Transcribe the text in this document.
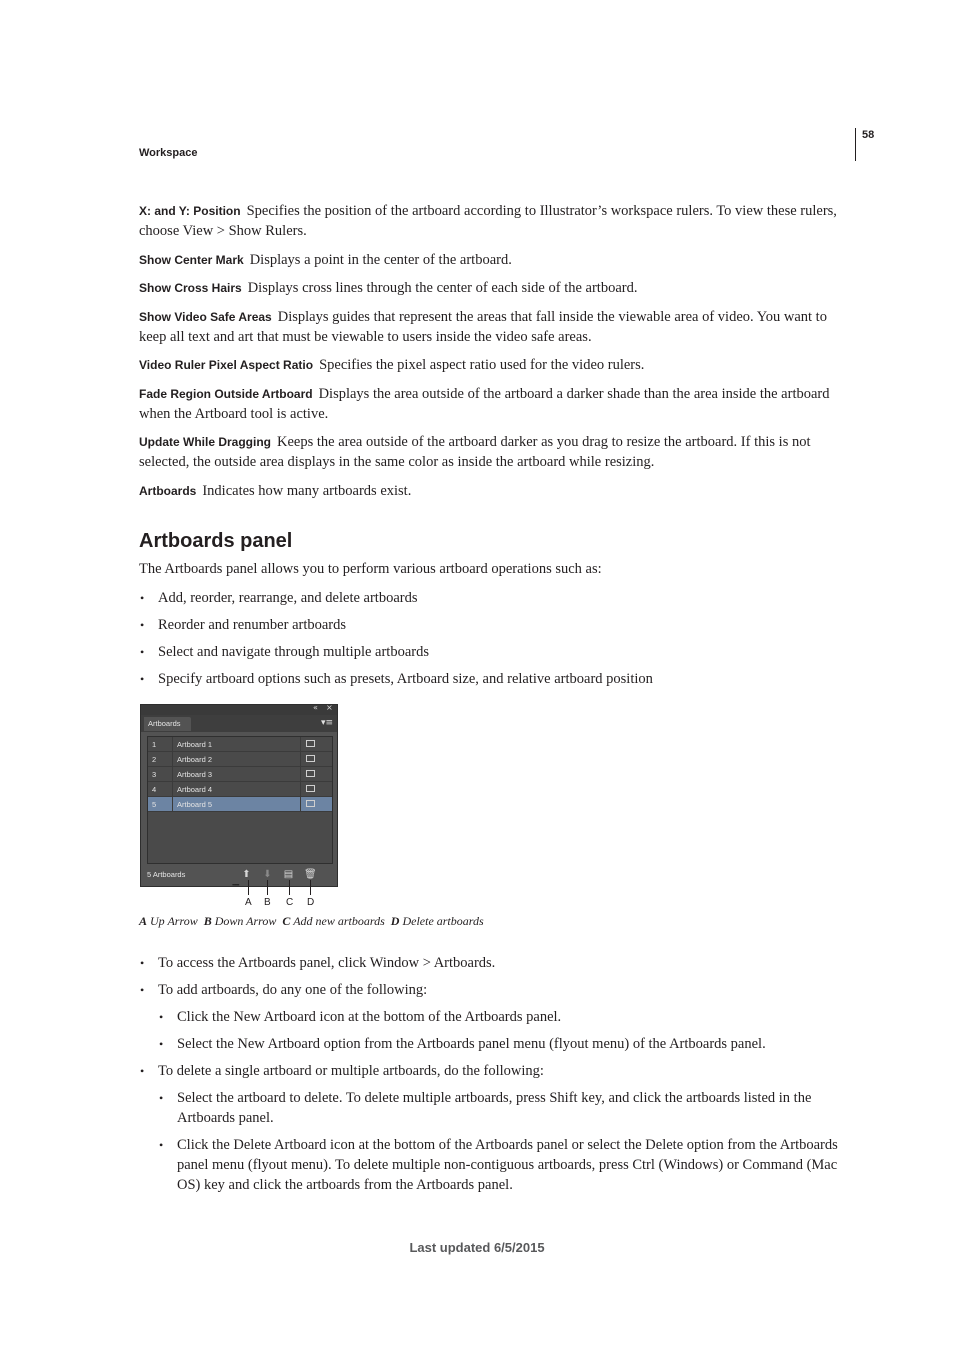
58
Workspace

X: and Y: Position Specifies the position of the artboard according to Illustrator’s workspace rulers. To view these rulers, choose View > Show Rulers.

Show Center Mark Displays a point in the center of the artboard.

Show Cross Hairs Displays cross lines through the center of each side of the artboard.

Show Video Safe Areas Displays guides that represent the areas that fall inside the viewable area of video. You want to keep all text and art that must be viewable to users inside the video safe areas.

Video Ruler Pixel Aspect Ratio Specifies the pixel aspect ratio used for the video rulers.

Fade Region Outside Artboard Displays the area outside of the artboard a darker shade than the area inside the artboard when the Artboard tool is active.

Update While Dragging Keeps the area outside of the artboard darker as you drag to resize the artboard. If this is not selected, the outside area displays in the same color as inside the artboard while resizing.

Artboards Indicates how many artboards exist.

Artboards panel

The Artboards panel allows you to perform various artboard operations such as:

• Add, reorder, rearrange, and delete artboards
• Reorder and renumber artboards
• Select and navigate through multiple artboards
• Specify artboard options such as presets, Artboard size, and relative artboard position
« ×
Artboards	▾≡
1	Artboard 1
2	Artboard 2
3	Artboard 3
4	Artboard 4
5	Artboard 5
5 Artboards	⬆ ⬇ ▤ 🗑
••••••
A B C D
A Up Arrow B Down Arrow C Add new artboards D Delete artboards
• To access the Artboards panel, click Window > Artboards.
• To add artboards, do any one of the following:
• Click the New Artboard icon at the bottom of the Artboards panel.
• Select the New Artboard option from the Artboards panel menu (flyout menu) of the Artboards panel.
• To delete a single artboard or multiple artboards, do the following:
• Select the artboard to delete. To delete multiple artboards, press Shift key, and click the artboards listed in the Artboards panel.
• Click the Delete Artboard icon at the bottom of the Artboards panel or select the Delete option from the Artboards panel menu (flyout menu). To delete multiple non-contiguous artboards, press Ctrl (Windows) or Command (Mac OS) key and click the artboards from the Artboards panel.
Last updated 6/5/2015
